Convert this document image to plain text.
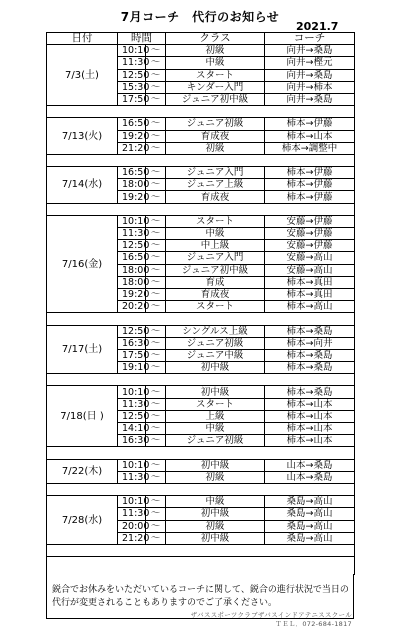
7月コーチ　代行のお知らせ
2021.7
日付	時間		クラス	コーチ
7/3(土)	10:10	〜	初級	向井→桑島
	11:30	〜	中級	向井→樫元
	12:50	〜	スタート	向井→桑島
	15:30	〜	キンダー入門	向井→柿本
	17:50	〜	ジュニア初中級	向井→桑島

7/13(火)	16:50	〜	ジュニア初級	柿本→伊藤
	19:20	〜	育成夜	柿本→山本
	21:20	〜	初級	柿本→調整中

7/14(水)	16:50	〜	ジュニア入門	柿本→伊藤
	18:00	〜	ジュニア上級	柿本→伊藤
	19:20	〜	育成夜	柿本→伊藤

7/16(金)	10:10	〜	スタート	安藤→伊藤
	11:30	〜	中級	安藤→伊藤
	12:50	〜	中上級	安藤→伊藤
	16:50	〜	ジュニア入門	安藤→高山
	18:00	〜	ジュニア初中級	安藤→高山
	18:00	〜	育成	柿本→真田
	19:20	〜	育成夜	柿本→真田
	20:20	〜	スタート	柿本→高山

7/17(土)	12:50	〜	シングルス上級	柿本→桑島
	16:30	〜	ジュニア初級	柿本→向井
	17:50	〜	ジュニア中級	柿本→桑島
	19:10	〜	初中級	柿本→桑島

7/18(日 )	10:10	〜	初中級	柿本→桑島
	11:30	〜	スタート	柿本→山本
	12:50	〜	上級	柿本→山本
	14:10	〜	中級	柿本→山本
	16:30	〜	ジュニア初級	柿本→山本

7/22(木)	10:10	〜	初中級	山本→桑島
	11:30	〜	初級	山本→桑島

7/28(水)	10:10	〜	中級	桑島→高山
	11:30	〜	初中級	桑島→高山
	20:00	〜	初級	桑島→高山
	21:20	〜	初中級	桑島→高山

鋭合でお休みをいただいているコーチに関して、鋭合の進行状況で当日の代行が変更されることもありますのでご了承ください。
ザバススポーツクラブザバスインドアテニススクール
ＴＥＬ．072-684-1817
